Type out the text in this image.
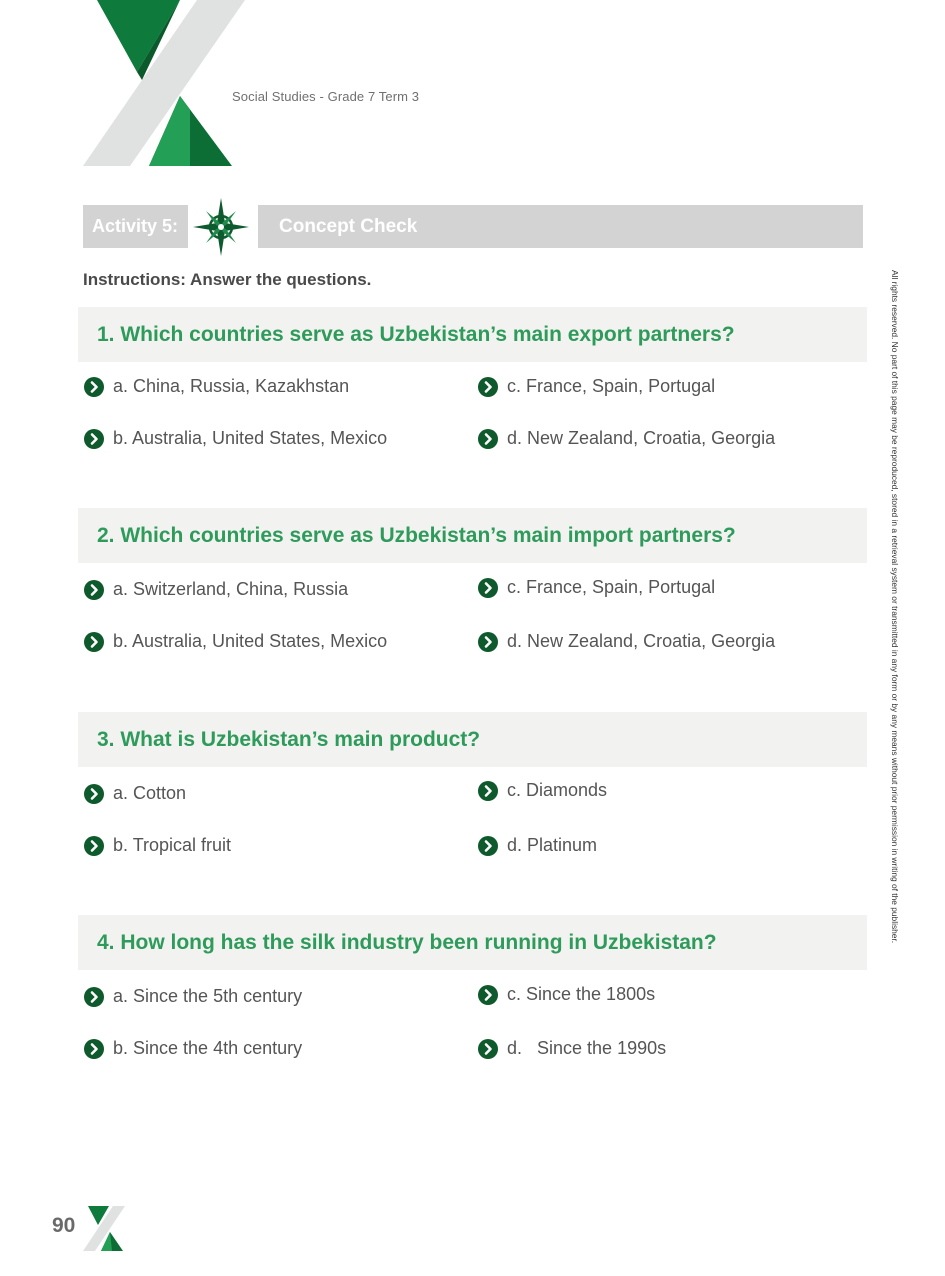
Social Studies - Grade 7 Term 3
Activity 5:	Concept Check
Instructions: Answer the questions.
1. Which countries serve as Uzbekistan’s main export partners?
a. China, Russia, Kazakhstan
b. Australia, United States, Mexico
c. France, Spain, Portugal
d. New Zealand, Croatia, Georgia
2. Which countries serve as Uzbekistan’s main import partners?
a. Switzerland, China, Russia
b. Australia, United States, Mexico
c. France, Spain, Portugal
d. New Zealand, Croatia, Georgia
3. What is Uzbekistan’s main product?
a. Cotton
b. Tropical fruit
c. Diamonds
d. Platinum
4. How long has the silk industry been running in Uzbekistan?
a. Since the 5th century
b. Since the 4th century
c. Since the 1800s
d.   Since the 1990s
All rights reserved. No part of this page may be reproduced, stored in a retrieval system or transmitted in any form or by any means without prior permission in writing of the publisher.
90
